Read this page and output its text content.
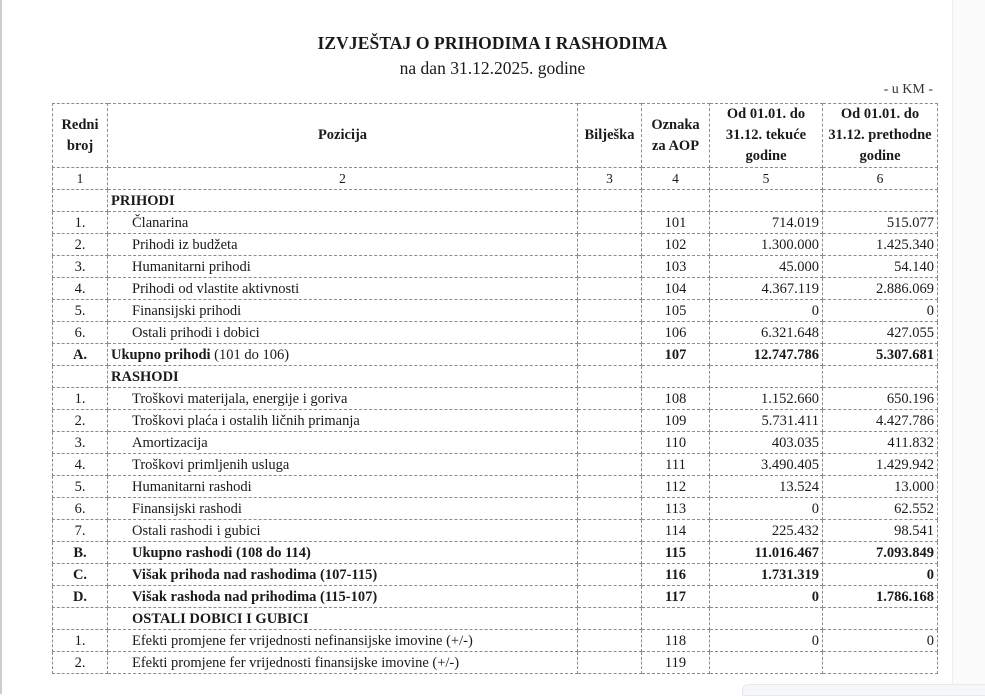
IZVJEŠTAJ O PRIHODIMA I RASHODIMA
na dan 31.12.2025. godine
- u KM -
Redni broj	Pozicija	Bilješka	Oznaka za AOP	Od 01.01. do 31.12. tekuće godine	Od 01.01. do 31.12. prethodne godine
1	2	3	4	5	6
	PRIHODI				
1.	Članarina		101	714.019	515.077
2.	Prihodi iz budžeta		102	1.300.000	1.425.340
3.	Humanitarni prihodi		103	45.000	54.140
4.	Prihodi od vlastite aktivnosti		104	4.367.119	2.886.069
5.	Finansijski prihodi		105	0	0
6.	Ostali prihodi i dobici		106	6.321.648	427.055
A.	Ukupno prihodi (101 do 106)		107	12.747.786	5.307.681
	RASHODI				
1.	Troškovi materijala, energije i goriva		108	1.152.660	650.196
2.	Troškovi plaća i ostalih ličnih primanja		109	5.731.411	4.427.786
3.	Amortizacija		110	403.035	411.832
4.	Troškovi primljenih usluga		111	3.490.405	1.429.942
5.	Humanitarni rashodi		112	13.524	13.000
6.	Finansijski rashodi		113	0	62.552
7.	Ostali rashodi i gubici		114	225.432	98.541
B.	Ukupno rashodi (108 do 114)		115	11.016.467	7.093.849
C.	Višak prihoda nad rashodima (107-115)		116	1.731.319	0
D.	Višak rashoda nad prihodima (115-107)		117	0	1.786.168
	OSTALI DOBICI I GUBICI				
1.	Efekti promjene fer vrijednosti nefinansijske imovine (+/-)		118	0	0
2.	Efekti promjene fer vrijednosti finansijske imovine (+/-)		119		
